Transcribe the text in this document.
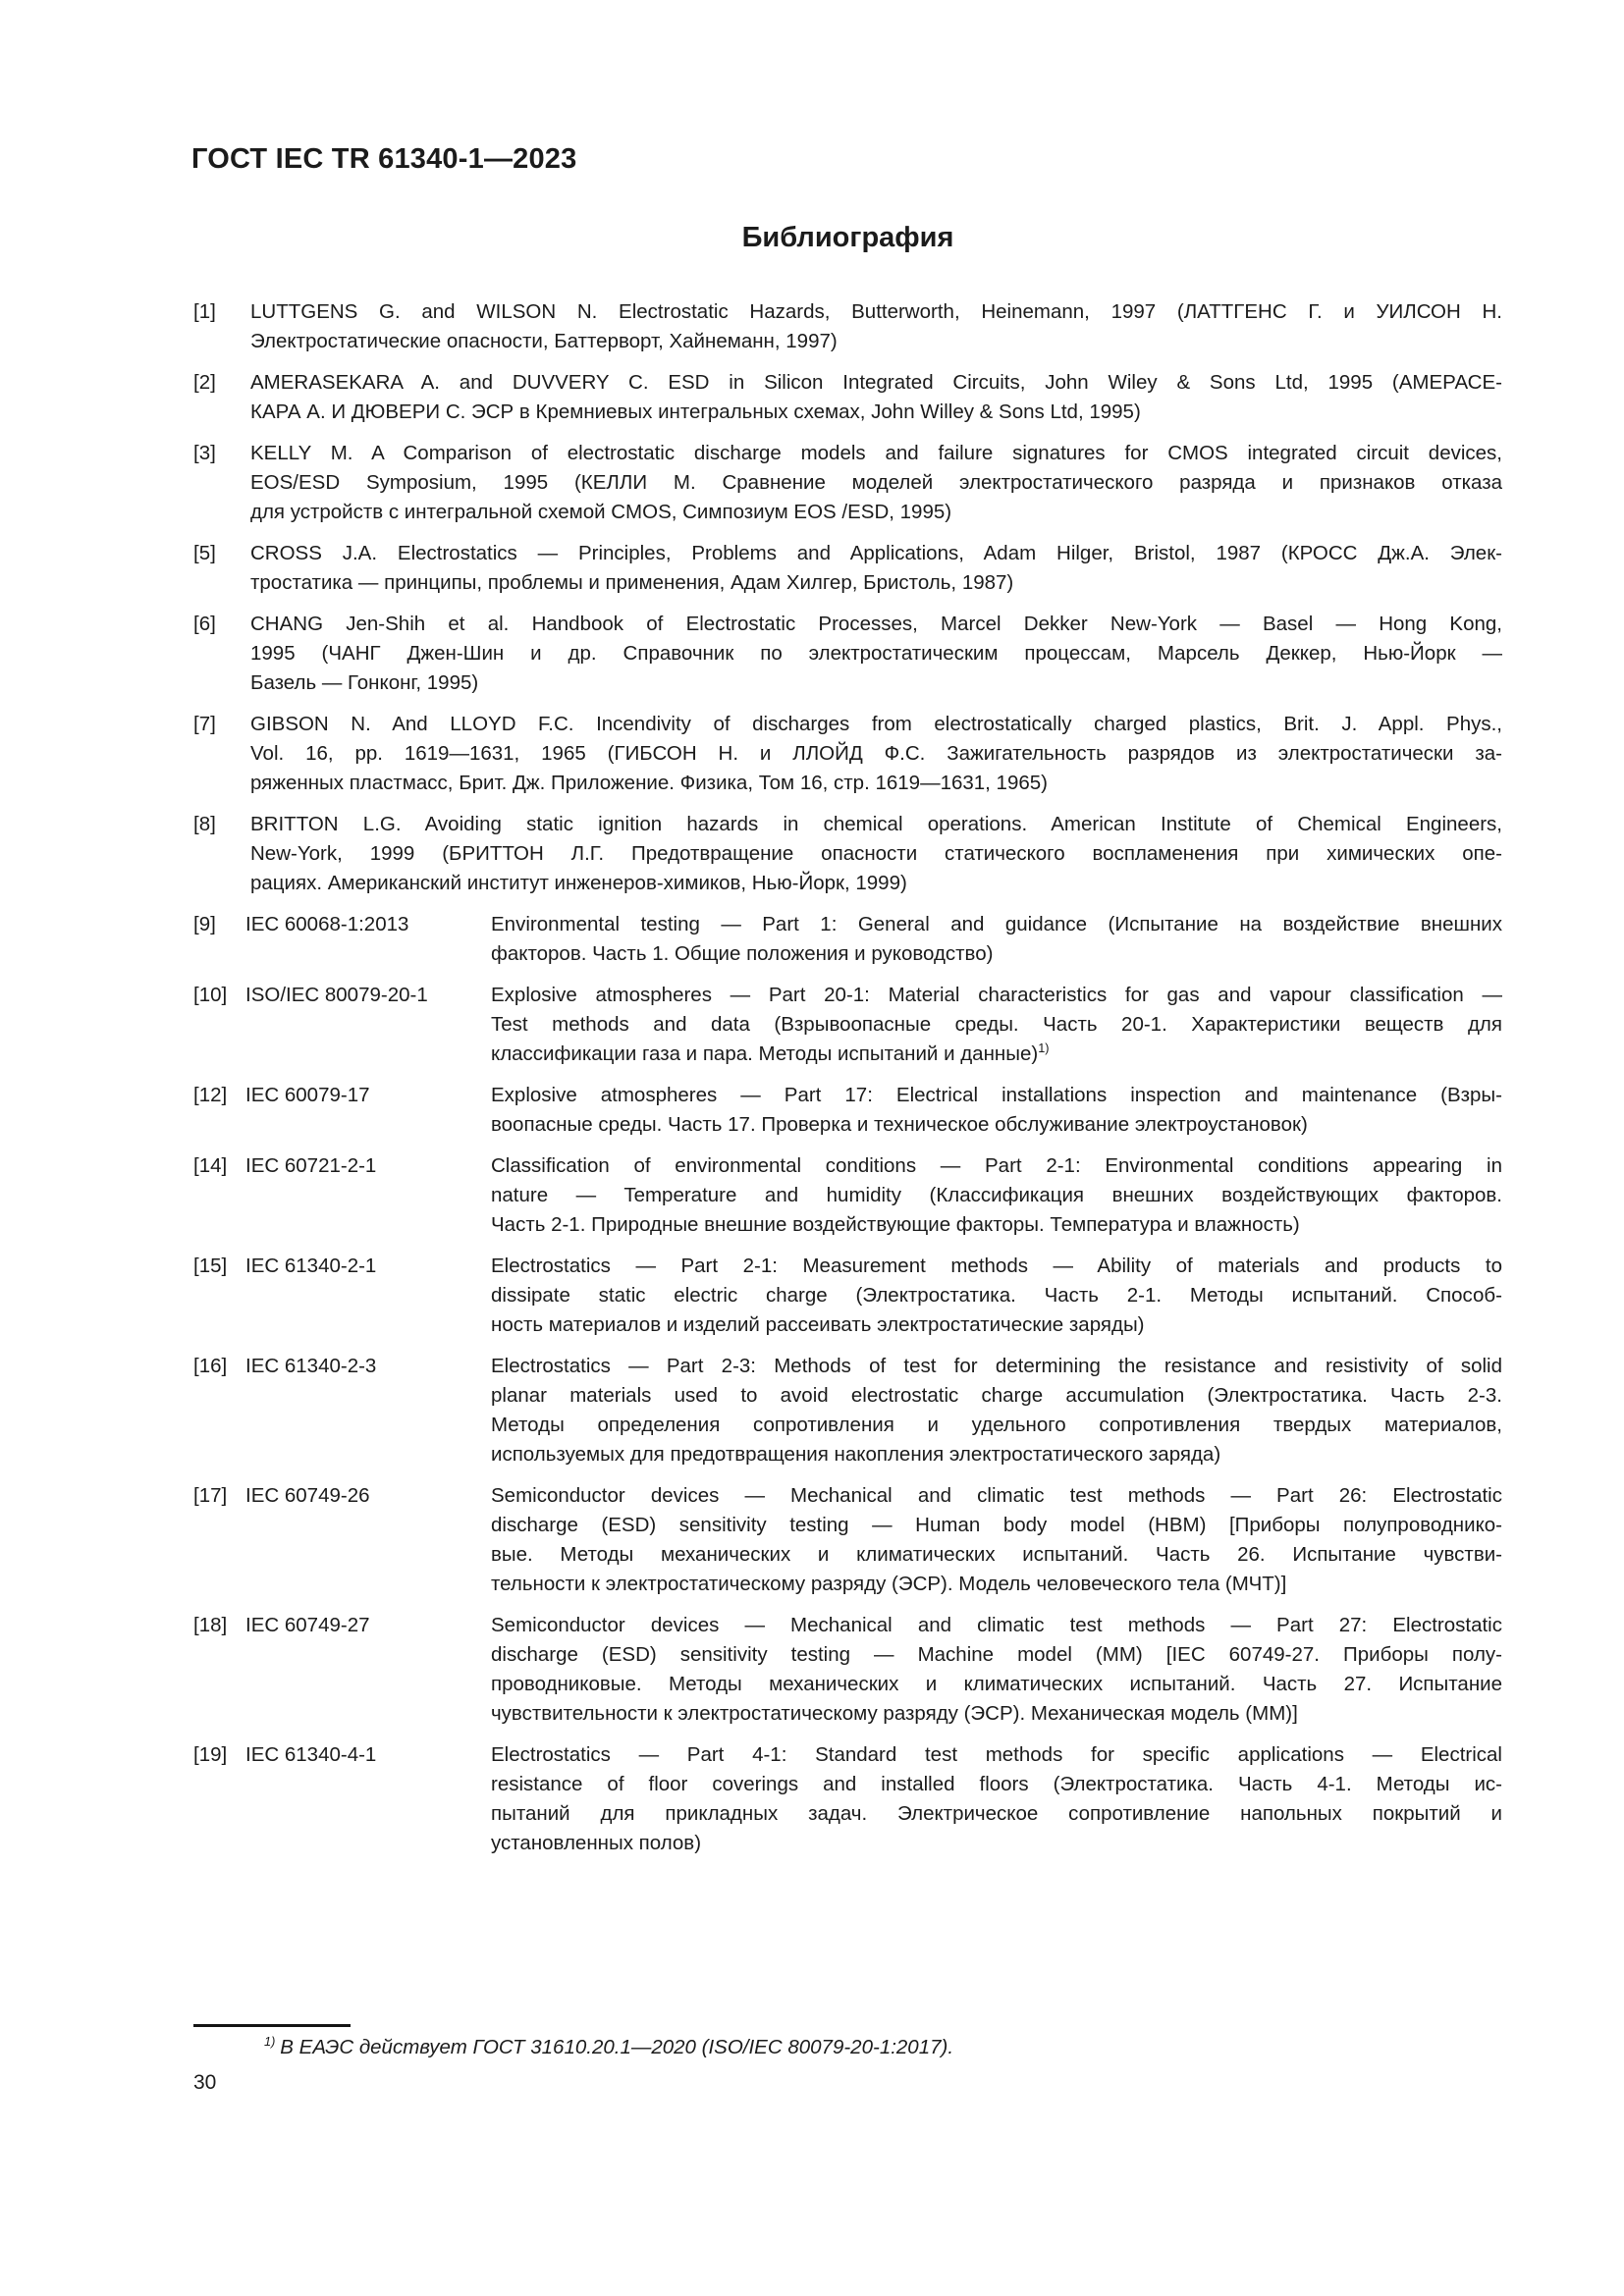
ГОСТ IEC TR 61340-1—2023
Библиография
[1]	LUTTGENS G. and WILSON N. Electrostatic Hazards, Butterworth, Heinemann, 1997 (ЛАТТГЕНС Г. и УИЛСОН Н.
Электростатические опасности, Баттерворт, Хайнеманн, 1997)
[2]	AMERASEKARA A. and DUVVERY C. ESD in Silicon Integrated Circuits, John Wiley & Sons Ltd, 1995 (АМЕРАСЕ-
КАРА А. И ДЮВЕРИ С. ЭСР в Кремниевых интегральных схемах, John Willey & Sons Ltd, 1995)
[3]	KELLY M. A Comparison of electrostatic discharge models and failure signatures for CMOS integrated circuit devices,
EOS/ESD Symposium, 1995 (КЕЛЛИ М. Сравнение моделей электростатического разряда и признаков отказа
для устройств с интегральной схемой CMOS, Симпозиум EOS /ESD, 1995)
[5]	CROSS J.A. Electrostatics — Principles, Problems and Applications, Adam Hilger, Bristol, 1987 (КРОСС Дж.А. Элек-
тростатика — принципы, проблемы и применения, Адам Хилгер, Бристоль, 1987)
[6]	CHANG Jen-Shih et al. Handbook of Electrostatic Processes, Marcel Dekker New-York — Basel — Hong Kong,
1995 (ЧАНГ Джен-Шин и др. Справочник по электростатическим процессам, Марсель Деккер, Нью-Йорк —
Базель — Гонконг, 1995)
[7]	GIBSON N. And LLOYD F.C. Incendivity of discharges from electrostatically charged plastics, Brit. J. Appl. Phys.,
Vol. 16, pp. 1619—1631, 1965 (ГИБСОН Н. и ЛЛОЙД Ф.С. Зажигательность разрядов из электростатически за-
ряженных пластмасс, Брит. Дж. Приложение. Физика, Том 16, стр. 1619—1631, 1965)
[8]	BRITTON L.G. Avoiding static ignition hazards in chemical operations. American Institute of Chemical Engineers,
New-York, 1999 (БРИТТОН Л.Г. Предотвращение опасности статического воспламенения при химических опе-
рациях. Американский институт инженеров-химиков, Нью-Йорк, 1999)
[9]	IEC 60068-1:2013	Environmental testing — Part 1: General and guidance (Испытание на воздействие внешних
факторов. Часть 1. Общие положения и руководство)
[10] ISO/IEC 80079-20-1	Explosive atmospheres — Part 20-1: Material characteristics for gas and vapour classification —
Test methods and data (Взрывоопасные среды. Часть 20-1. Характеристики веществ для
классификации газа и пара. Методы испытаний и данные)$^{1)}$
[12] IEC 60079-17	Explosive atmospheres — Part 17: Electrical installations inspection and maintenance (Взры-
воопасные среды. Часть 17. Проверка и техническое обслуживание электроустановок)
[14] IEC 60721-2-1	Classification of environmental conditions — Part 2-1: Environmental conditions appearing in
nature — Temperature and humidity (Классификация внешних воздействующих факторов.
Часть 2-1. Природные внешние воздействующие факторы. Температура и влажность)
[15] IEC 61340-2-1	Electrostatics — Part 2-1: Measurement methods — Ability of materials and products to
dissipate static electric charge (Электростатика. Часть 2-1. Методы испытаний. Способ-
ность материалов и изделий рассеивать электростатические заряды)
[16] IEC 61340-2-3	Electrostatics — Part 2-3: Methods of test for determining the resistance and resistivity of solid
planar materials used to avoid electrostatic charge accumulation (Электростатика. Часть 2-3.
Методы определения сопротивления и удельного сопротивления твердых материалов,
используемых для предотвращения накопления электростатического заряда)
[17] IEC 60749-26	Semiconductor devices — Mechanical and climatic test methods — Part 26: Electrostatic
discharge (ESD) sensitivity testing — Human body model (HBM) [Приборы полупроводнико-
вые. Методы механических и климатических испытаний. Часть 26. Испытание чувстви-
тельности к электростатическому разряду (ЭСР). Модель человеческого тела (МЧТ)]
[18] IEC 60749-27	Semiconductor devices — Mechanical and climatic test methods — Part 27: Electrostatic
discharge (ESD) sensitivity testing — Machine model (MM) [IEC 60749-27. Приборы полу-
проводниковые. Методы механических и климатических испытаний. Часть 27. Испытание
чувствительности к электростатическому разряду (ЭСР). Механическая модель (ММ)]
[19] IEC 61340-4-1	Electrostatics — Part 4-1: Standard test methods for specific applications — Electrical
resistance of floor coverings and installed floors (Электростатика. Часть 4-1. Методы ис-
пытаний для прикладных задач. Электрическое сопротивление напольных покрытий и
установленных полов)
$^{1)}$ В ЕАЭС действует ГОСТ 31610.20.1—2020 (ISO/IEC 80079-20-1:2017).
30
